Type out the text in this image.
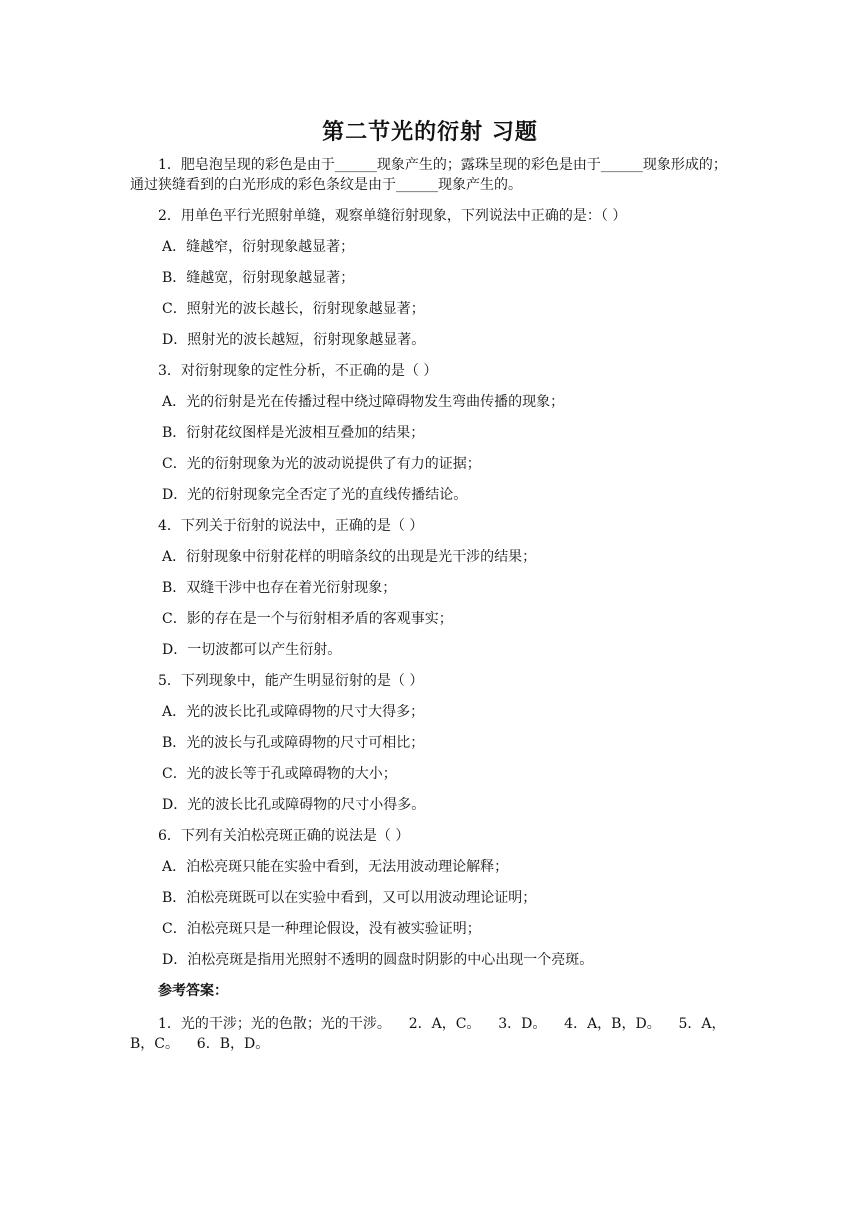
第二节光的衍射 习题
1．肥皂泡呈现的彩色是由于______现象产生的；露珠呈现的彩色是由于______现象形成的；通过狭缝看到的白光形成的彩色条纹是由于______现象产生的。
2．用单色平行光照射单缝，观察单缝衍射现象，下列说法中正确的是：（ ）
A．缝越窄，衍射现象越显著；
B．缝越宽，衍射现象越显著；
C．照射光的波长越长，衍射现象越显著；
D．照射光的波长越短，衍射现象越显著。
3．对衍射现象的定性分析，不正确的是（ ）
A．光的衍射是光在传播过程中绕过障碍物发生弯曲传播的现象；
B．衍射花纹图样是光波相互叠加的结果；
C．光的衍射现象为光的波动说提供了有力的证据；
D．光的衍射现象完全否定了光的直线传播结论。
4．下列关于衍射的说法中，正确的是（ ）
A．衍射现象中衍射花样的明暗条纹的出现是光干涉的结果；
B．双缝干涉中也存在着光衍射现象；
C．影的存在是一个与衍射相矛盾的客观事实；
D．一切波都可以产生衍射。
5．下列现象中，能产生明显衍射的是（ ）
A．光的波长比孔或障碍物的尺寸大得多；
B．光的波长与孔或障碍物的尺寸可相比；
C．光的波长等于孔或障碍物的大小；
D．光的波长比孔或障碍物的尺寸小得多。
6．下列有关泊松亮斑正确的说法是（ ）
A．泊松亮斑只能在实验中看到，无法用波动理论解释；
B．泊松亮斑既可以在实验中看到，又可以用波动理论证明；
C．泊松亮斑只是一种理论假设，没有被实验证明；
D．泊松亮斑是指用光照射不透明的圆盘时阴影的中心出现一个亮斑。
参考答案：
1．光的干涉；光的色散；光的干涉。    2．A，C。    3．D。    4．A，B，D。    5．A，B，C。    6．B，D。
